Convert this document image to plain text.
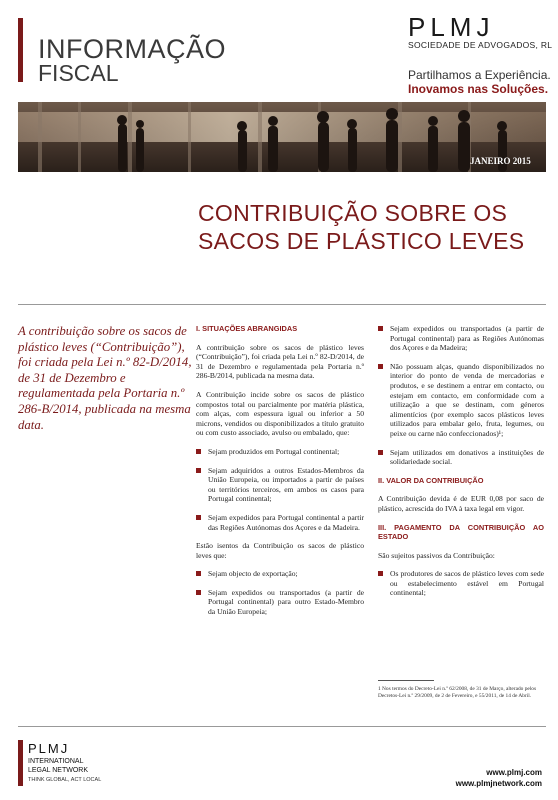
INFORMAÇÃO
FISCAL
PLMJ
SOCIEDADE DE ADVOGADOS, RL
Partilhamos a Experiência.
Inovamos nas Soluções.
JANEIRO 2015
CONTRIBUIÇÃO SOBRE OS
SACOS DE PLÁSTICO LEVES
A contribuição sobre os sacos de plástico leves (“Contribuição”), foi criada pela Lei n.º 82-D/2014, de 31 de Dezembro e regulamentada pela Portaria n.º 286-B/2014, publicada na mesma data.
I. SITUAÇÕES ABRANGIDAS

A contribuição sobre os sacos de plástico leves (“Contribuição”), foi criada pela Lei n.º 82-D/2014, de 31 de Dezembro e regulamentada pela Portaria n.º 286-B/2014, publicada na mesma data.

A Contribuição incide sobre os sacos de plástico compostos total ou parcialmente por matéria plástica, com alças, com espessura igual ou inferior a 50 microns, vendidos ou disponibilizados a título gratuito ou com custo associado, avulso ou embalado, que:

Sejam produzidos em Portugal continental;
Sejam adquiridos a outros Estados-Membros da União Europeia, ou importados a partir de países ou territórios terceiros, em ambos os casos para Portugal continental;
Sejam expedidos para Portugal continental a partir das Regiões Autónomas dos Açores e da Madeira.

Estão isentos da Contribuição os sacos de plástico leves que:

Sejam objecto de exportação;
Sejam expedidos ou transportados (a partir de Portugal continental) para outro Estado-Membro da União Europeia;
Sejam expedidos ou transportados (a partir de Portugal continental) para as Regiões Autónomas dos Açores e da Madeira;
Não possuam alças, quando disponibilizados no interior do ponto de venda de mercadorias e produtos, e se destinem a entrar em contacto, ou estejam em contacto, em conformidade com a utilização a que se destinam, com géneros alimentícios (por exemplo sacos plásticos leves utilizados para embalar gelo, fruta, legumes, ou peixe ou carne não confeccionados)¹;
Sejam utilizados em donativos a instituições de solidariedade social.
II. VALOR DA CONTRIBUIÇÃO

A Contribuição devida é de EUR 0,08 por saco de plástico, acrescida do IVA à taxa legal em vigor.

III. PAGAMENTO DA CONTRIBUIÇÃO AO ESTADO

São sujeitos passivos da Contribuição:

Os produtores de sacos de plástico leves com sede ou estabelecimento estável em Portugal continental;
1 Nos termos do Decreto-Lei n.º 62/2008, de 31 de Março, alterado pelos Decretos-Lei n.º 29/2009, de 2 de Fevereiro, e 55/2011, de 14 de Abril.
PLMJ
INTERNATIONAL
LEGAL NETWORK
THINK GLOBAL, ACT LOCAL
www.plmj.com
www.plmjnetwork.com
